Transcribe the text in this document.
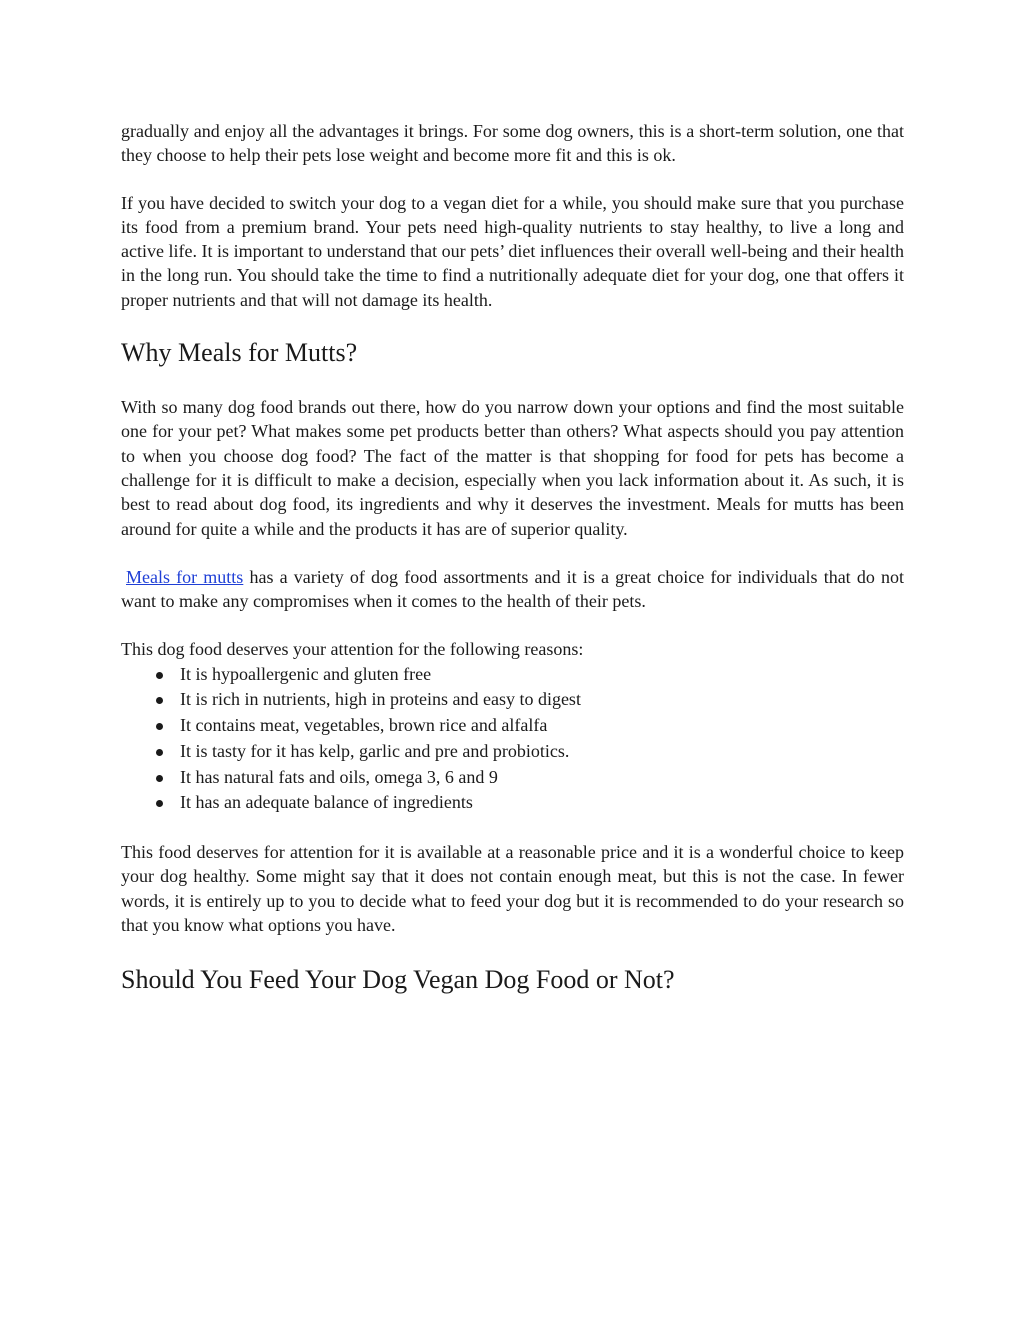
gradually and enjoy all the advantages it brings. For some dog owners, this is a short-term solution, one that they choose to help their pets lose weight and become more fit and this is ok.

If you have decided to switch your dog to a vegan diet for a while, you should make sure that you purchase its food from a premium brand. Your pets need high-quality nutrients to stay healthy, to live a long and active life. It is important to understand that our pets’ diet influences their overall well-being and their health in the long run. You should take the time to find a nutritionally adequate diet for your dog, one that offers it proper nutrients and that will not damage its health.

Why Meals for Mutts?

With so many dog food brands out there, how do you narrow down your options and find the most suitable one for your pet? What makes some pet products better than others? What aspects should you pay attention to when you choose dog food? The fact of the matter is that shopping for food for pets has become a challenge for it is difficult to make a decision, especially when you lack information about it. As such, it is best to read about dog food, its ingredients and why it deserves the investment. Meals for mutts has been around for quite a while and the products it has are of superior quality.

Meals for mutts has a variety of dog food assortments and it is a great choice for individuals that do not want to make any compromises when it comes to the health of their pets.

This dog food deserves your attention for the following reasons:

It is hypoallergenic and gluten free
It is rich in nutrients, high in proteins and easy to digest
It contains meat, vegetables, brown rice and alfalfa
It is tasty for it has kelp, garlic and pre and probiotics.
It has natural fats and oils, omega 3, 6 and 9
It has an adequate balance of ingredients

This food deserves for attention for it is available at a reasonable price and it is a wonderful choice to keep your dog healthy. Some might say that it does not contain enough meat, but this is not the case. In fewer words, it is entirely up to you to decide what to feed your dog but it is recommended to do your research so that you know what options you have.

Should You Feed Your Dog Vegan Dog Food or Not?
